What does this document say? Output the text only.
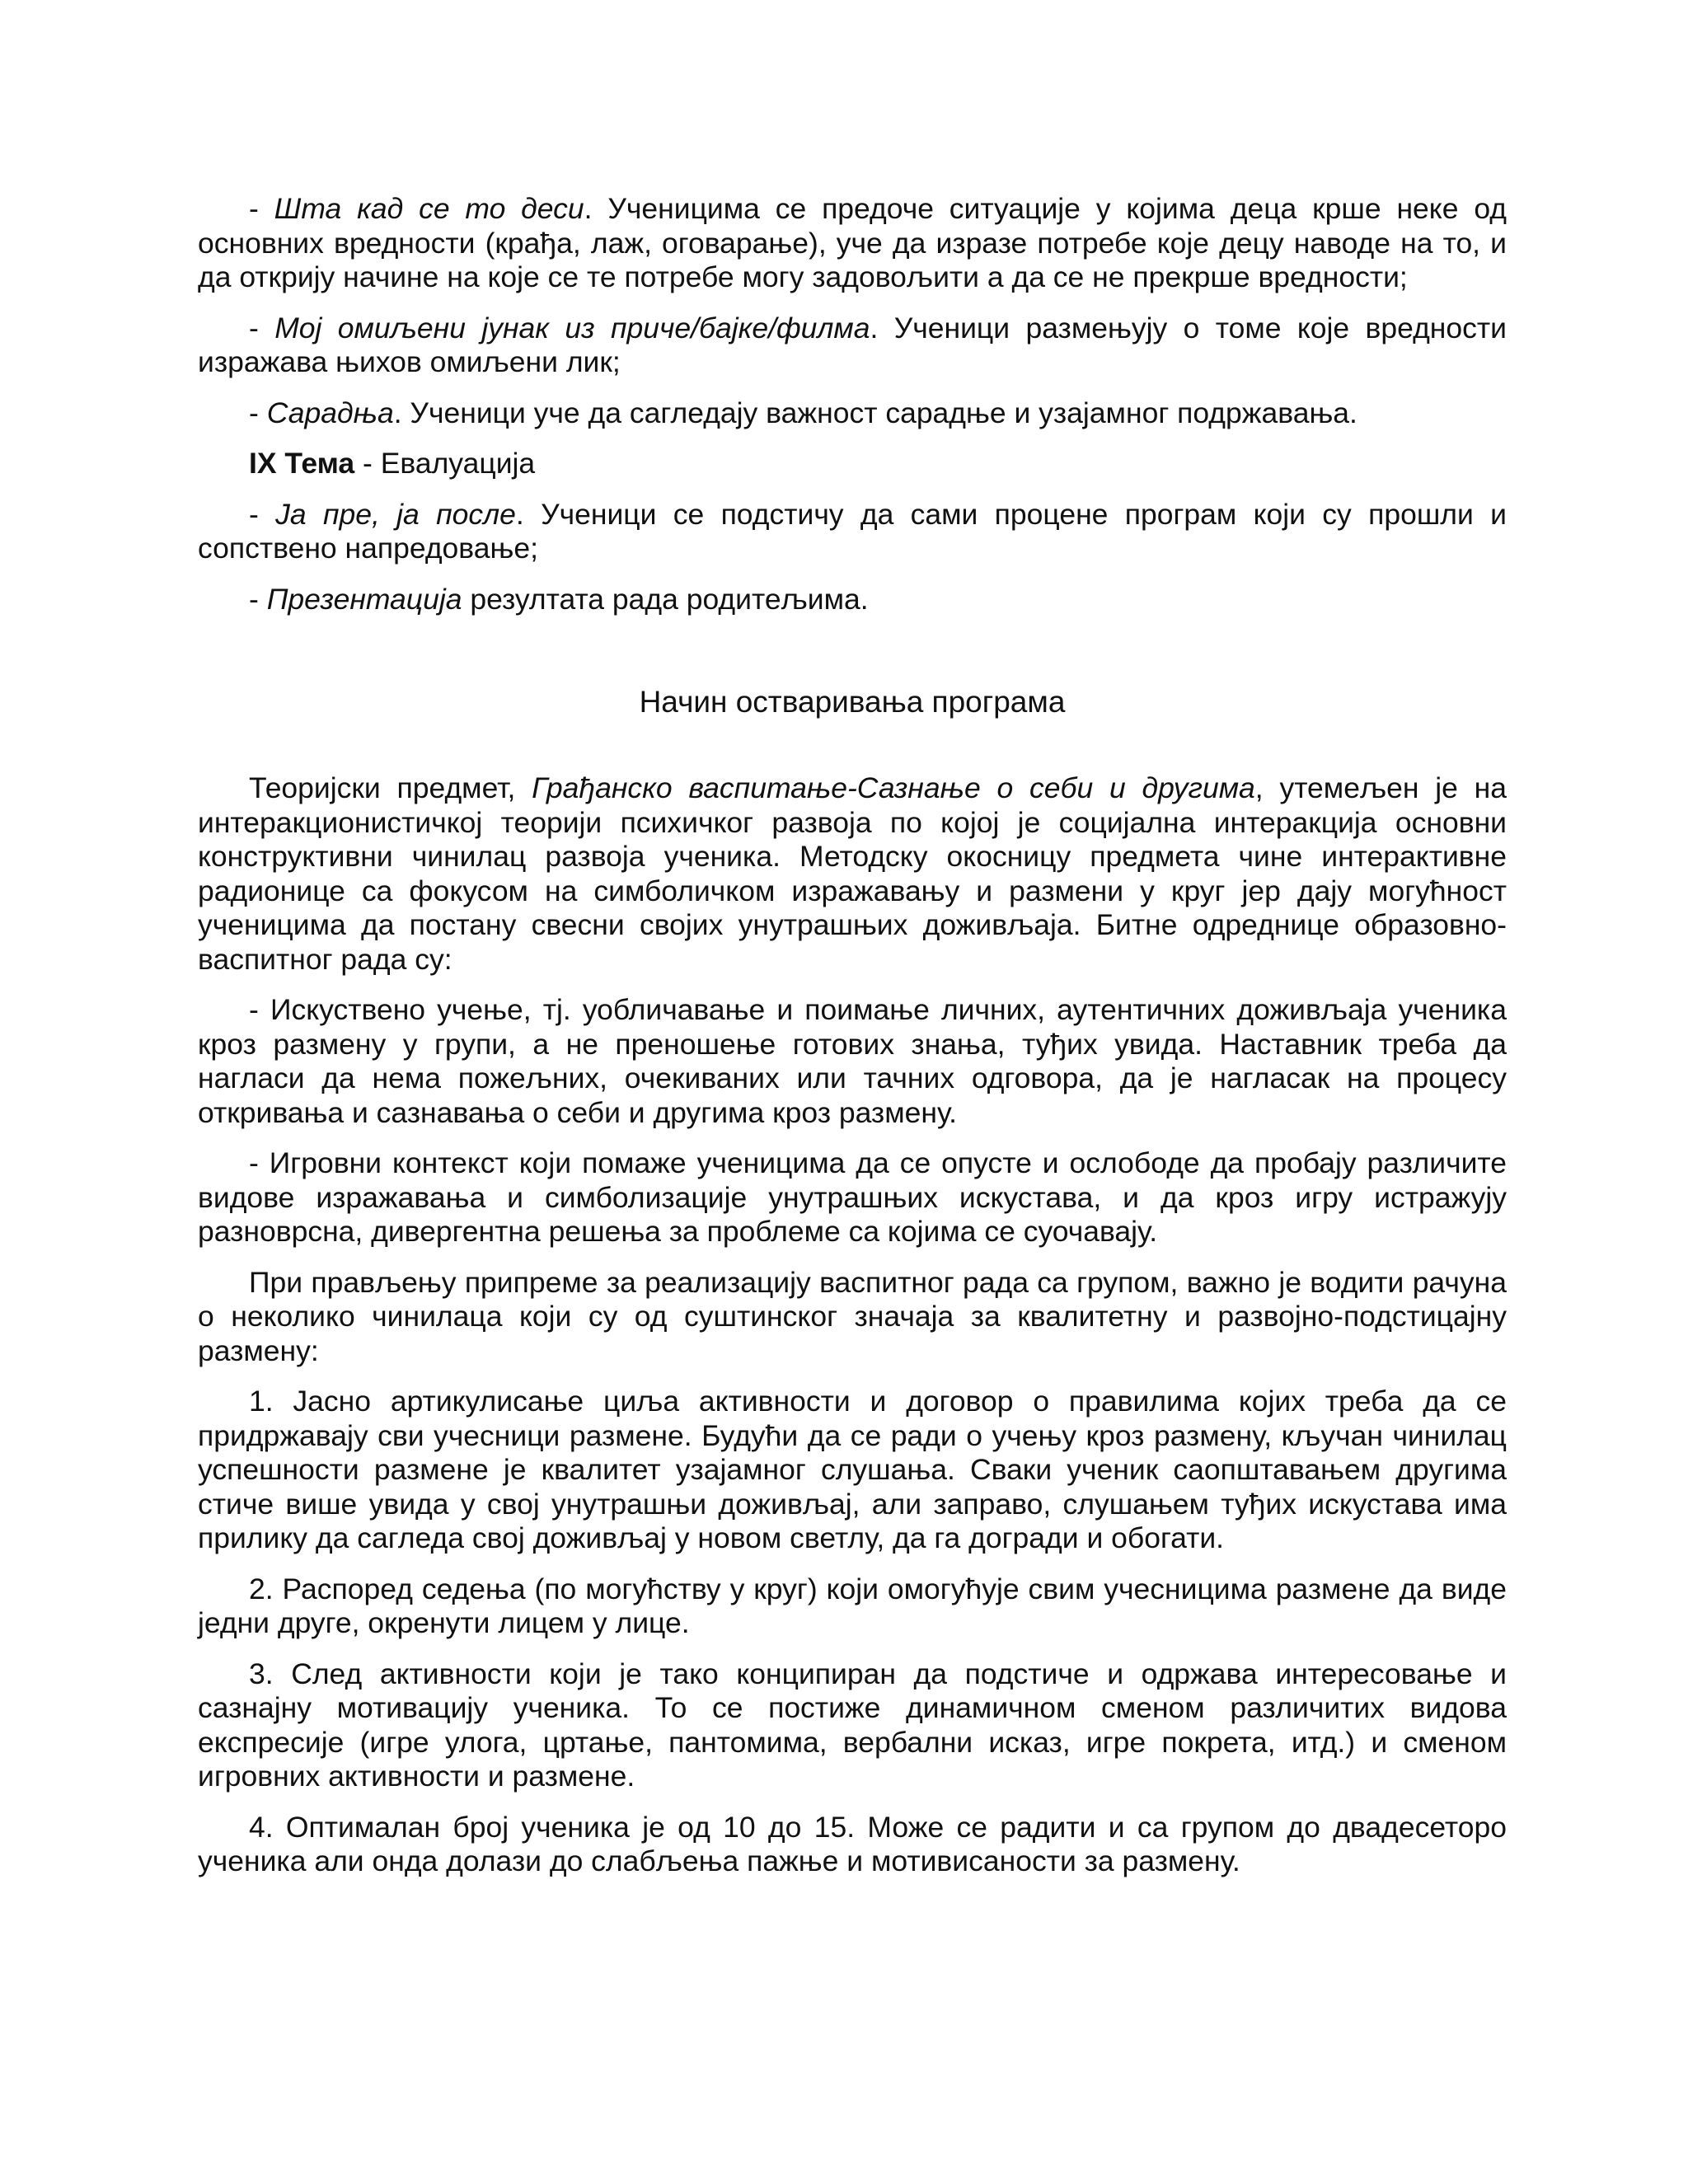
- Шта кад се то деси. Ученицима се предоче ситуације у којима деца крше неке од основних вредности (крађа, лаж, оговарање), уче да изразе потребе које децу наводе на то, и да открију начине на које се те потребе могу задовољити а да се не прекрше вредности;

- Мој омиљени јунак из приче/бајке/филма. Ученици размењују о томе које вредности изражава њихов омиљени лик;

- Сарадња. Ученици уче да сагледају важност сарадње и узајамног подржавања.

IX Тема - Евалуација

- Ја пре, ја после. Ученици се подстичу да сами процене програм који су прошли и сопствено напредовање;

- Презентација резултата рада родитељима.

Начин остваривања програма

Теоријски предмет, Грађанско васпитање-Сазнање о себи и другима, утемељен је на интеракционистичкој теорији психичког развоја по којој је социјална интеракција основни конструктивни чинилац развоја ученика. Методску окосницу предмета чине интерактивне радионице са фокусом на симболичком изражавању и размени у круг јер дају могућност ученицима да постану свесни својих унутрашњих доживљаја. Битне одреднице образовно-васпитног рада су:

- Искуствено учење, тј. уобличавање и поимање личних, аутентичних доживљаја ученика кроз размену у групи, а не преношење готових знања, туђих увида. Наставник треба да нагласи да нема пожељних, очекиваних или тачних одговора, да је нагласак на процесу откривања и сазнавања о себи и другима кроз размену.

- Игровни контекст који помаже ученицима да се опусте и ослободе да пробају различите видове изражавања и симболизације унутрашњих искустава, и да кроз игру истражују разноврсна, дивергентна решења за проблеме са којима се суочавају.

При прављењу припреме за реализацију васпитног рада са групом, важно је водити рачуна о неколико чинилаца који су од суштинског значаја за квалитетну и развојно-подстицајну размену:

1. Јасно артикулисање циља активности и договор о правилима којих треба да се придржавају сви учесници размене. Будући да се ради о учењу кроз размену, кључан чинилац успешности размене је квалитет узајамног слушања. Сваки ученик саопштавањем другима стиче више увида у свој унутрашњи доживљај, али заправо, слушањем туђих искустава има прилику да сагледа свој доживљај у новом светлу, да га догради и обогати.

2. Распоред седења (по могућству у круг) који омогућује свим учесницима размене да виде једни друге, окренути лицем у лице.

3. След активности који је тако конципиран да подстиче и одржава интересовање и сазнајну мотивацију ученика. То се постиже динамичном сменом различитих видова експресије (игре улога, цртање, пантомима, вербални исказ, игре покрета, итд.) и сменом игровних активности и размене.

4. Оптималан број ученика је од 10 до 15. Може се радити и са групом до двадесеторо ученика али онда долази до слабљења пажње и мотивисаности за размену.
